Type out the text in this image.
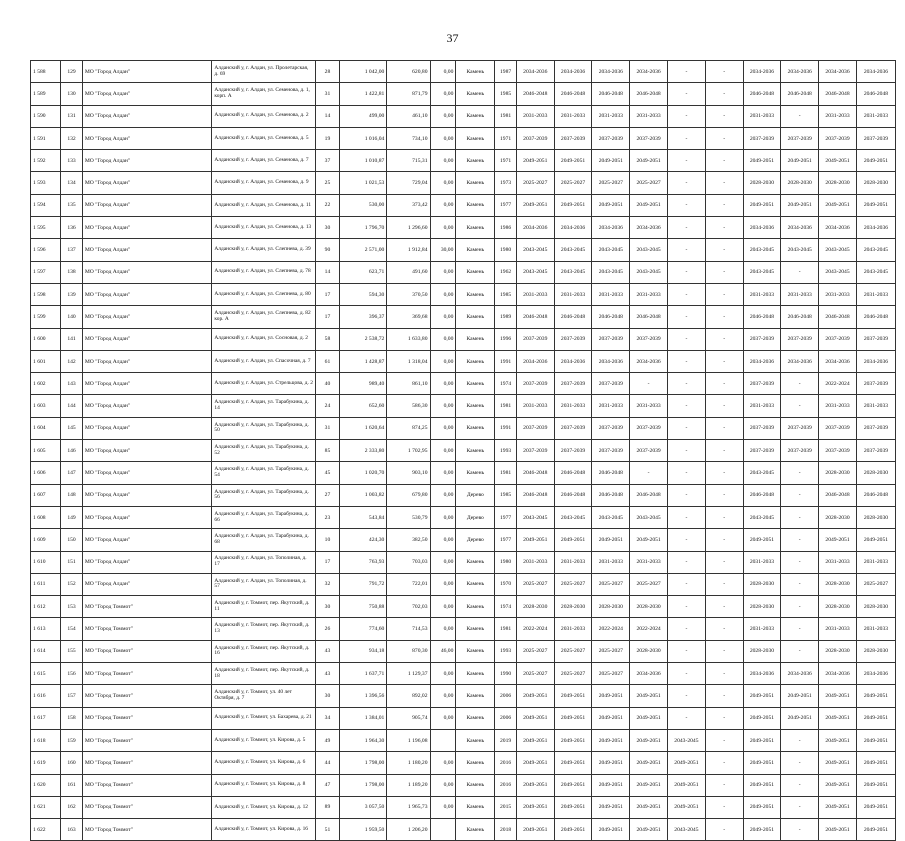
37
1 588	129	МО "Город Алдан"	Алданский у, г. Алдан, ул. Пролетарская, д. 69	28	1 042,00	620,80	0,00	Камень	1987	2034-2036	2034-2036	2034-2036	2034-2036	-	-	2034-2036	2034-2036	2034-2036	2034-2036
1 589	130	МО "Город Алдан"	Алданский у, г. Алдан, ул. Семенова, д. 1, корп. А	31	1 422,81	871,79	0,00	Камень	1985	2046-2048	2046-2048	2046-2048	2046-2048	-	-	2046-2048	2046-2048	2046-2048	2046-2048
1 590	131	МО "Город Алдан"	Алданский у, г. Алдан, ул. Семенова, д. 2	14	499,00	461,10	0,00	Камень	1981	2031-2033	2031-2033	2031-2033	2031-2033	-	-	2031-2033	-	2031-2033	2031-2033
1 591	132	МО "Город Алдан"	Алданский у, г. Алдан, ул. Семенова, д. 5	19	1 016,04	734,10	0,00	Камень	1971	2037-2039	2037-2039	2037-2039	2037-2039	-	-	2037-2039	2037-2039	2037-2039	2037-2039
1 592	133	МО "Город Алдан"	Алданский у, г. Алдан, ул. Семенова, д. 7	37	1 010,87	715,31	0,00	Камень	1971	2049-2051	2049-2051	2049-2051	2049-2051	-	-	2049-2051	2049-2051	2049-2051	2049-2051
1 593	134	МО "Город Алдан"	Алданский у, г. Алдан, ул. Семенова, д. 9	25	1 021,53	729,04	0,00	Камень	1973	2025-2027	2025-2027	2025-2027	2025-2027	-	-	2028-2030	2028-2030	2028-2030	2028-2030
1 594	135	МО "Город Алдан"	Алданский у, г. Алдан, ул. Семенова, д. 11	22	530,00	373,42	0,00	Камень	1977	2049-2051	2049-2051	2049-2051	2049-2051	-	-	2049-2051	2049-2051	2049-2051	2049-2051
1 595	136	МО "Город Алдан"	Алданский у, г. Алдан, ул. Семенова, д. 13	30	1 796,70	1 296,60	0,00	Камень	1986	2034-2036	2034-2036	2034-2036	2034-2036	-	-	2034-2036	2034-2036	2034-2036	2034-2036
1 596	137	МО "Город Алдан"	Алданский у, г. Алдан, ул. Слепнева, д. 39	90	2 571,00	1 912,84	30,00	Камень	1980	2043-2045	2043-2045	2043-2045	2043-2045	-	-	2043-2045	2043-2045	2043-2045	2043-2045
1 597	138	МО "Город Алдан"	Алданский у, г. Алдан, ул. Слепнева, д. 78	14	623,71	491,60	0,00	Камень	1962	2043-2045	2043-2045	2043-2045	2043-2045	-	-	2043-2045	-	2043-2045	2043-2045
1 598	139	МО "Город Алдан"	Алданский у, г. Алдан, ул. Слепнева, д. 80	17	594,30	370,50	0,00	Камень	1985	2031-2033	2031-2033	2031-2033	2031-2033	-	-	2031-2033	2031-2033	2031-2033	2031-2033
1 599	140	МО "Город Алдан"	Алданский у, г. Алдан, ул. Слепнева, д. 82 кор. А	17	396,37	369,68	0,00	Камень	1989	2046-2048	2046-2048	2046-2048	2046-2048	-	-	2046-2048	2046-2048	2046-2048	2046-2048
1 600	141	МО "Город Алдан"	Алданский у, г. Алдан, ул. Сосновая, д. 2	58	2 538,72	1 633,80	0,00	Камень	1996	2037-2039	2037-2039	2037-2039	2037-2039	-	-	2037-2039	2037-2039	2037-2039	2037-2039
1 601	142	МО "Город Алдан"	Алданский у, г. Алдан, ул. Спасочная, д. 7	61	1 428,87	1 318,04	0,00	Камень	1991	2034-2036	2034-2036	2034-2036	2034-2036	-	-	2034-2036	2034-2036	2034-2036	2034-2036
1 602	143	МО "Город Алдан"	Алданский у, г. Алдан, ул. Стрельцова, д. 2	40	989,40	861,10	0,00	Камень	1974	2037-2039	2037-2039	2037-2039	-	-	-	2037-2039	-	2022-2024	2037-2039
1 603	144	МО "Город Алдан"	Алданский у, г. Алдан, ул. Тарабукина, д. 14	24	652,60	586,30	0,00	Камень	1981	2031-2033	2031-2033	2031-2033	2031-2033	-	-	2031-2033	-	2031-2033	2031-2033
1 604	145	МО "Город Алдан"	Алданский у, г. Алдан, ул. Тарабукина, д. 50	31	1 620,64	874,25	0,00	Камень	1991	2037-2039	2037-2039	2037-2039	2037-2039	-	-	2037-2039	2037-2039	2037-2039	2037-2039
1 605	146	МО "Город Алдан"	Алданский у, г. Алдан, ул. Тарабукина, д. 52	85	2 333,80	1 702,95	0,00	Камень	1993	2037-2039	2037-2039	2037-2039	2037-2039	-	-	2037-2039	2037-2039	2037-2039	2037-2039
1 606	147	МО "Город Алдан"	Алданский у, г. Алдан, ул. Тарабукина, д. 54	45	1 020,70	903,10	0,00	Камень	1981	2046-2048	2046-2048	2046-2048	-	-	-	2043-2045	-	2028-2030	2028-2030
1 607	148	МО "Город Алдан"	Алданский у, г. Алдан, ул. Тарабукина, д. 56	27	1 003,82	679,80	0,00	Дерево	1985	2046-2048	2046-2048	2046-2048	2046-2048	-	-	2046-2048	-	2046-2048	2046-2048
1 608	149	МО "Город Алдан"	Алданский у, г. Алдан, ул. Тарабукина, д. 66	23	543,84	530,79	0,00	Дерево	1977	2043-2045	2043-2045	2043-2045	2043-2045	-	-	2043-2045	-	2028-2030	2028-2030
1 609	150	МО "Город Алдан"	Алданский у, г. Алдан, ул. Тарабукина, д. 68	10	424,30	382,50	0,00	Дерево	1977	2049-2051	2049-2051	2049-2051	2049-2051	-	-	2049-2051	-	2049-2051	2049-2051
1 610	151	МО "Город Алдан"	Алданский у, г. Алдан, ул. Тополиная, д. 17	17	763,93	703,03	0,00	Камень	1980	2031-2033	2031-2033	2031-2033	2031-2033	-	-	2031-2033	-	2031-2033	2031-2033
1 611	152	МО "Город Алдан"	Алданский у, г. Алдан, ул. Тополиная, д. 57	32	791,72	722,01	0,00	Камень	1970	2025-2027	2025-2027	2025-2027	2025-2027	-	-	2028-2030	-	2028-2030	2025-2027
1 612	153	МО "Город Томмот"	Алданский у, г. Томмот, пер. Якутский, д. 11	30	750,88	702,03	0,00	Камень	1974	2028-2030	2028-2030	2028-2030	2028-2030	-	-	2028-2030	-	2028-2030	2028-2030
1 613	154	МО "Город Томмот"	Алданский у, г. Томмот, пер. Якутский, д. 13	26	774,60	714,53	0,00	Камень	1981	2022-2024	2031-2033	2022-2024	2022-2024	-	-	2031-2033	-	2031-2033	2031-2033
1 614	155	МО "Город Томмот"	Алданский у, г. Томмот, пер. Якутский, д. 16	43	934,18	870,30	46,00	Камень	1993	2025-2027	2025-2027	2025-2027	2028-2030	-	-	2028-2030	-	2028-2030	2028-2030
1 615	156	МО "Город Томмот"	Алданский у, г. Томмот, пер. Якутский, д. 18	43	1 637,71	1 129,37	0,00	Камень	1990	2025-2027	2025-2027	2025-2027	2034-2036	-	-	2034-2036	2034-2036	2034-2036	2034-2036
1 616	157	МО "Город Томмот"	Алданский у, г. Томмот, ул. 40 лет Октября, д. 7	30	1 396,56	892,02	0,00	Камень	2006	2049-2051	2049-2051	2049-2051	2049-2051	-	-	2049-2051	2049-2051	2049-2051	2049-2051
1 617	158	МО "Город Томмот"	Алданский у, г. Томмот, ул. Бахарева, д. 21	34	1 384,01	905,74	0,00	Камень	2006	2049-2051	2049-2051	2049-2051	2049-2051	-	-	2049-2051	2049-2051	2049-2051	2049-2051
1 618	159	МО "Город Томмот"	Алданский у, г. Томмот, ул. Кирова, д. 5	49	1 964,30	1 196,08		Камень	2019	2049-2051	2049-2051	2049-2051	2049-2051	2043-2045	-	2049-2051	-	2049-2051	2049-2051
1 619	160	МО "Город Томмот"	Алданский у, г. Томмот, ул. Кирова, д. 6	44	1 798,00	1 180,20	0,00	Камень	2016	2049-2051	2049-2051	2049-2051	2049-2051	2049-2051	-	2049-2051	-	2049-2051	2049-2051
1 620	161	МО "Город Томмот"	Алданский у, г. Томмот, ул. Кирова, д. 8	47	1 798,00	1 189,20	0,00	Камень	2016	2049-2051	2049-2051	2049-2051	2049-2051	2049-2051	-	2049-2051	-	2049-2051	2049-2051
1 621	162	МО "Город Томмот"	Алданский у, г. Томмот, ул. Кирова, д. 12	89	3 057,50	1 965,73	0,00	Камень	2015	2049-2051	2049-2051	2049-2051	2049-2051	2049-2051	-	2049-2051	-	2049-2051	2049-2051
1 622	163	МО "Город Томмот"	Алданский у, г. Томмот, ул. Кирова, д. 16	51	1 959,50	1 206,20		Камень	2018	2049-2051	2049-2051	2049-2051	2049-2051	2043-2045	-	2049-2051	-	2049-2051	2049-2051
